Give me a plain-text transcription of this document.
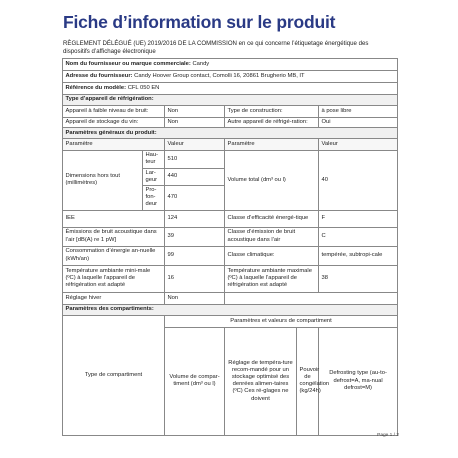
Fiche d’information sur le produit
RÈGLEMENT DÉLÉGUÉ (UE) 2019/2016 DE LA COMMISSION en ce qui concerne l’étiquetage énergétique des dispositifs d’affichage électronique
Nom du fournisseur ou marque commerciale: Candy					
Adresse du fournisseur: Candy Hoover Group contact, Comolli 16, 20861 Brugherio MB, IT					
Référence du modèle: CFL 050 EN					
Type d’appareil de réfrigération:					
Appareil à faible niveau de bruit:		Non	Type de construction:		à pose libre
Appareil de stockage du vin:		Non	Autre appareil de réfrigé-ration:		Oui
Paramètres généraux du produit:					
Paramètre		Valeur	Paramètre		Valeur
Dimensions hors tout (millimètres)	Hau-teur	510	Volume total (dm³ ou l)		40
	Lar-geur	440			
	Pro-fon-deur	470			
IEE		124	Classe d’efficacité énergé-tique		F
Émissions de bruit acoustique dans l’air [dB(A) re 1 pW]		39	Classe d’émission de bruit acoustique dans l’air		C
Consommation d’énergie an-nuelle (kWh/an)		99	Classe climatique:		tempérée, subtropi-cale
Température ambiante mini-male (ºC) à laquelle l’appareil de réfrigération est adapté		16	Température ambiante maximale (ºC) à laquelle l’appareil de réfrigération est adapté		38
Réglage hiver		Non			
Paramètres des compartiments:					
Type de compartiment		Paramètres et valeurs de compartiment			
		Volume de compar-timent (dm³ ou l)	Réglage de tempéra-ture recom-mandé pour un stockage optimisé des denrées alimen-taires (ºC) Ces ré-glages ne doivent	Pouvoir de congélation (kg/24h)	Defrosting type (au-to-defrost=A, ma-nual defrost=M)
Page 1 / 2
